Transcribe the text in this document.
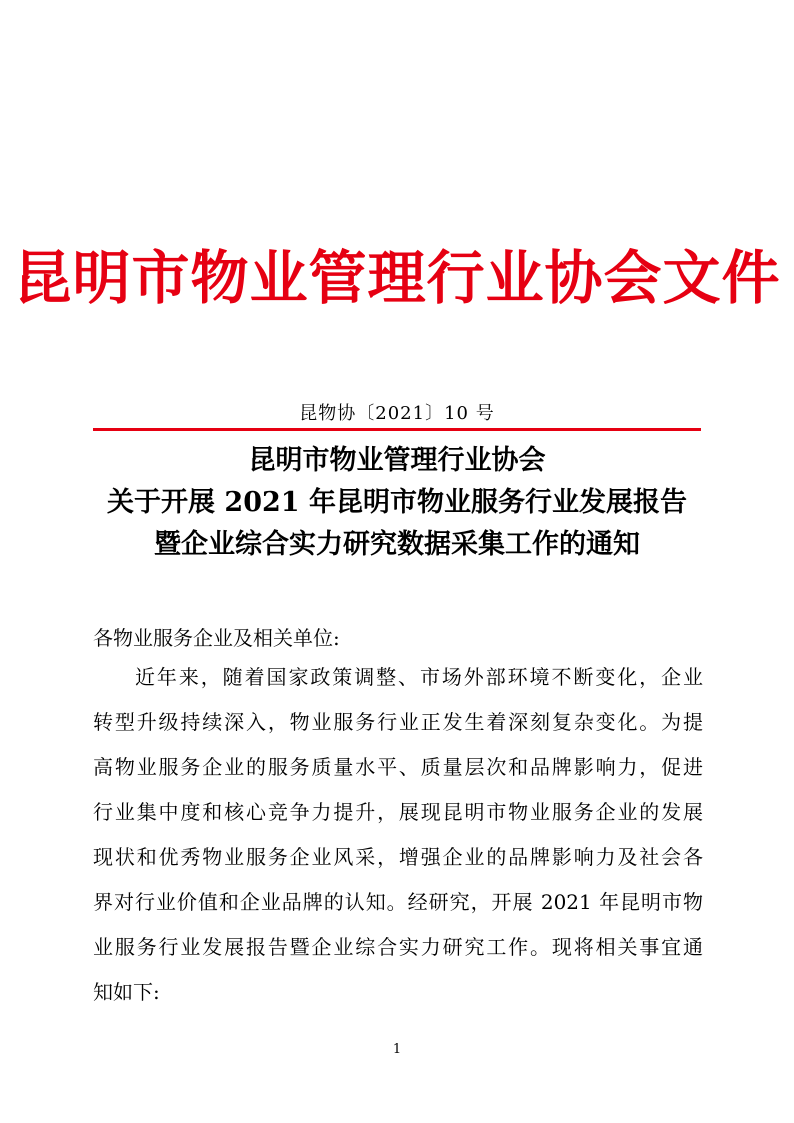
昆明市物业管理行业协会文件
昆物协〔2021〕10 号
昆明市物业管理行业协会
关于开展 2021 年昆明市物业服务行业发展报告
暨企业综合实力研究数据采集工作的通知
各物业服务企业及相关单位:
近年来，随着国家政策调整、市场外部环境不断变化，企业
转型升级持续深入，物业服务行业正发生着深刻复杂变化。为提
高物业服务企业的服务质量水平、质量层次和品牌影响力，促进
行业集中度和核心竞争力提升，展现昆明市物业服务企业的发展
现状和优秀物业服务企业风采，增强企业的品牌影响力及社会各
界对行业价值和企业品牌的认知。经研究，开展 2021 年昆明市物
业服务行业发展报告暨企业综合实力研究工作。现将相关事宜通
知如下:
1
